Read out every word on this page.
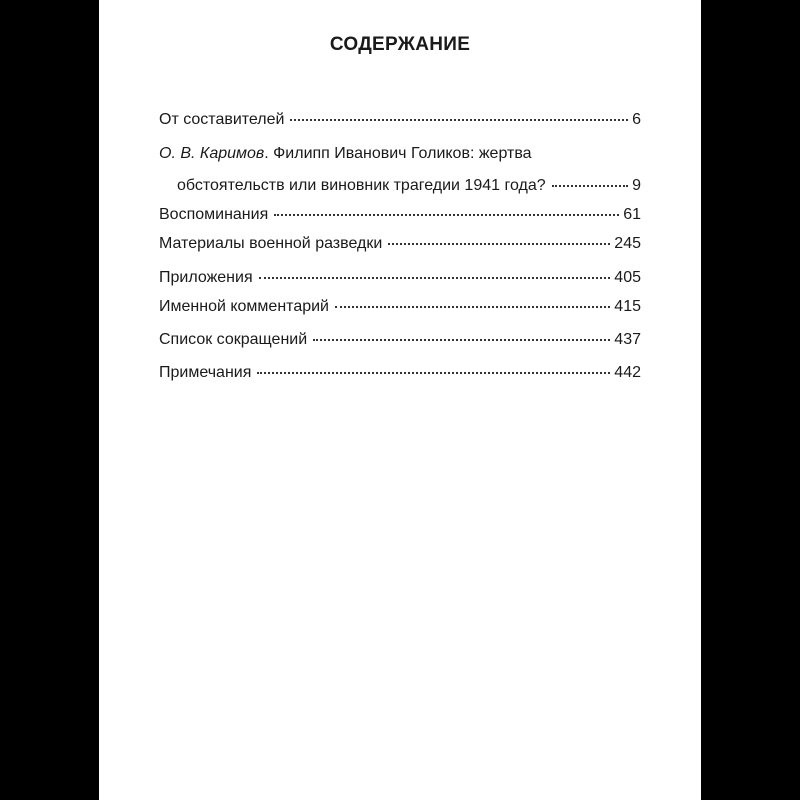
СОДЕРЖАНИЕ
От составителей	6
О. В. Каримов. Филипп Иванович Голиков: жертва
обстоятельств или виновник трагедии 1941 года?	9
Воспоминания	61
Материалы военной разведки	245
Приложения	405
Именной комментарий	415
Список сокращений	437
Примечания	442
